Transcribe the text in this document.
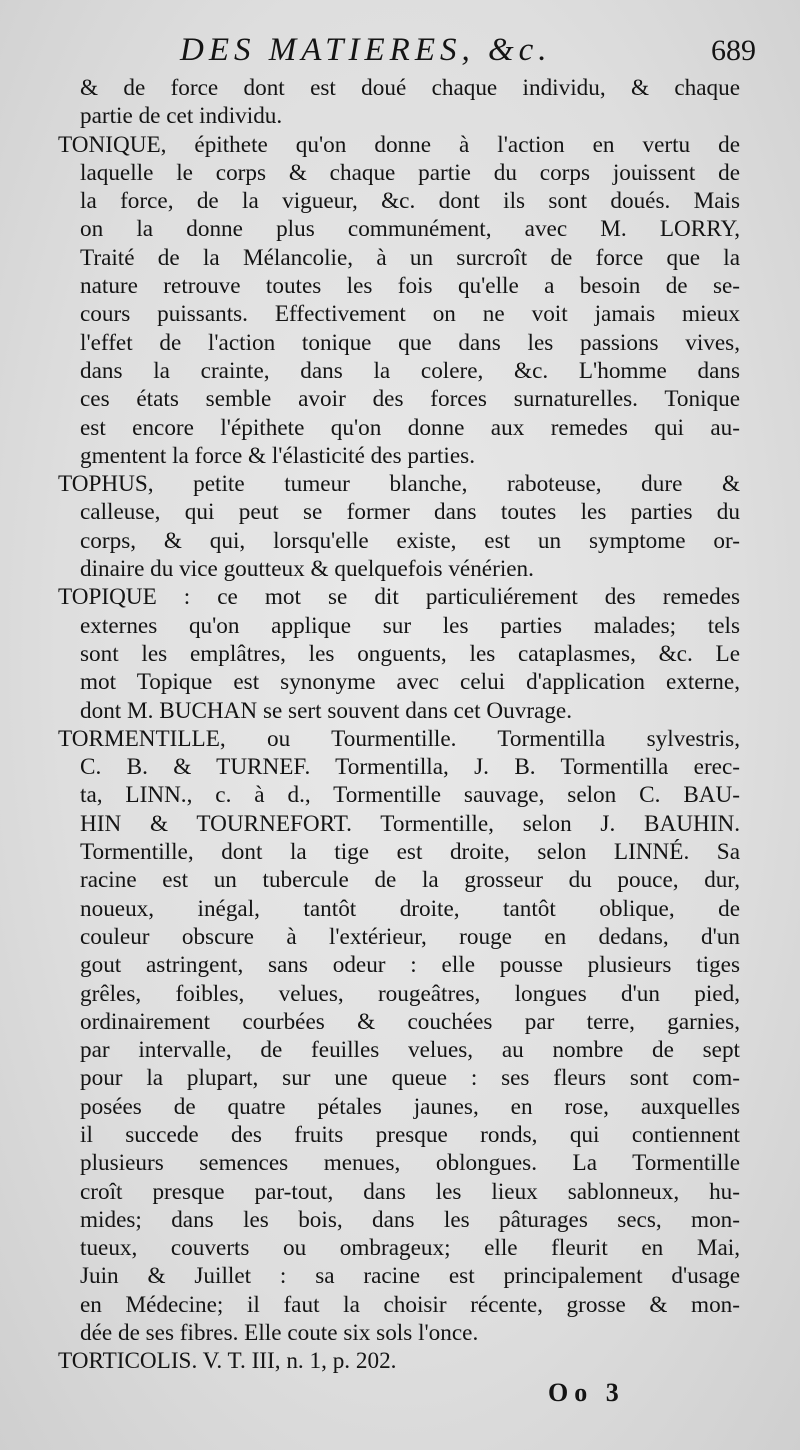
DES MATIERES, &c.	689
& de force dont est doué chaque individu, & chaque
partie de cet individu.
TONIQUE, épithete qu'on donne à l'action en vertu de
laquelle le corps & chaque partie du corps jouissent de
la force, de la vigueur, &c. dont ils sont doués. Mais
on la donne plus communément, avec M. LORRY,
Traité de la Mélancolie, à un surcroît de force que la
nature retrouve toutes les fois qu'elle a besoin de se-
cours puissants. Effectivement on ne voit jamais mieux
l'effet de l'action tonique que dans les passions vives,
dans la crainte, dans la colere, &c. L'homme dans
ces états semble avoir des forces surnaturelles. Tonique
est encore l'épithete qu'on donne aux remedes qui au-
gmentent la force & l'élasticité des parties.
TOPHUS, petite tumeur blanche, raboteuse, dure &
calleuse, qui peut se former dans toutes les parties du
corps, & qui, lorsqu'elle existe, est un symptome or-
dinaire du vice goutteux & quelquefois vénérien.
TOPIQUE : ce mot se dit particuliérement des remedes
externes qu'on applique sur les parties malades; tels
sont les emplâtres, les onguents, les cataplasmes, &c. Le
mot Topique est synonyme avec celui d'application externe,
dont M. BUCHAN se sert souvent dans cet Ouvrage.
TORMENTILLE, ou Tourmentille. Tormentilla sylvestris,
C. B. & TURNEF. Tormentilla, J. B. Tormentilla erec-
ta, LINN., c. à d., Tormentille sauvage, selon C. BAU-
HIN & TOURNEFORT. Tormentille, selon J. BAUHIN.
Tormentille, dont la tige est droite, selon LINNÉ. Sa
racine est un tubercule de la grosseur du pouce, dur,
noueux, inégal, tantôt droite, tantôt oblique, de
couleur obscure à l'extérieur, rouge en dedans, d'un
gout astringent, sans odeur : elle pousse plusieurs tiges
grêles, foibles, velues, rougeâtres, longues d'un pied,
ordinairement courbées & couchées par terre, garnies,
par intervalle, de feuilles velues, au nombre de sept
pour la plupart, sur une queue : ses fleurs sont com-
posées de quatre pétales jaunes, en rose, auxquelles
il succede des fruits presque ronds, qui contiennent
plusieurs semences menues, oblongues. La Tormentille
croît presque par-tout, dans les lieux sablonneux, hu-
mides; dans les bois, dans les pâturages secs, mon-
tueux, couverts ou ombrageux; elle fleurit en Mai,
Juin & Juillet : sa racine est principalement d'usage
en Médecine; il faut la choisir récente, grosse & mon-
dée de ses fibres. Elle coute six sols l'once.
TORTICOLIS. V. T. III, n. 1, p. 202.
Oo 3
